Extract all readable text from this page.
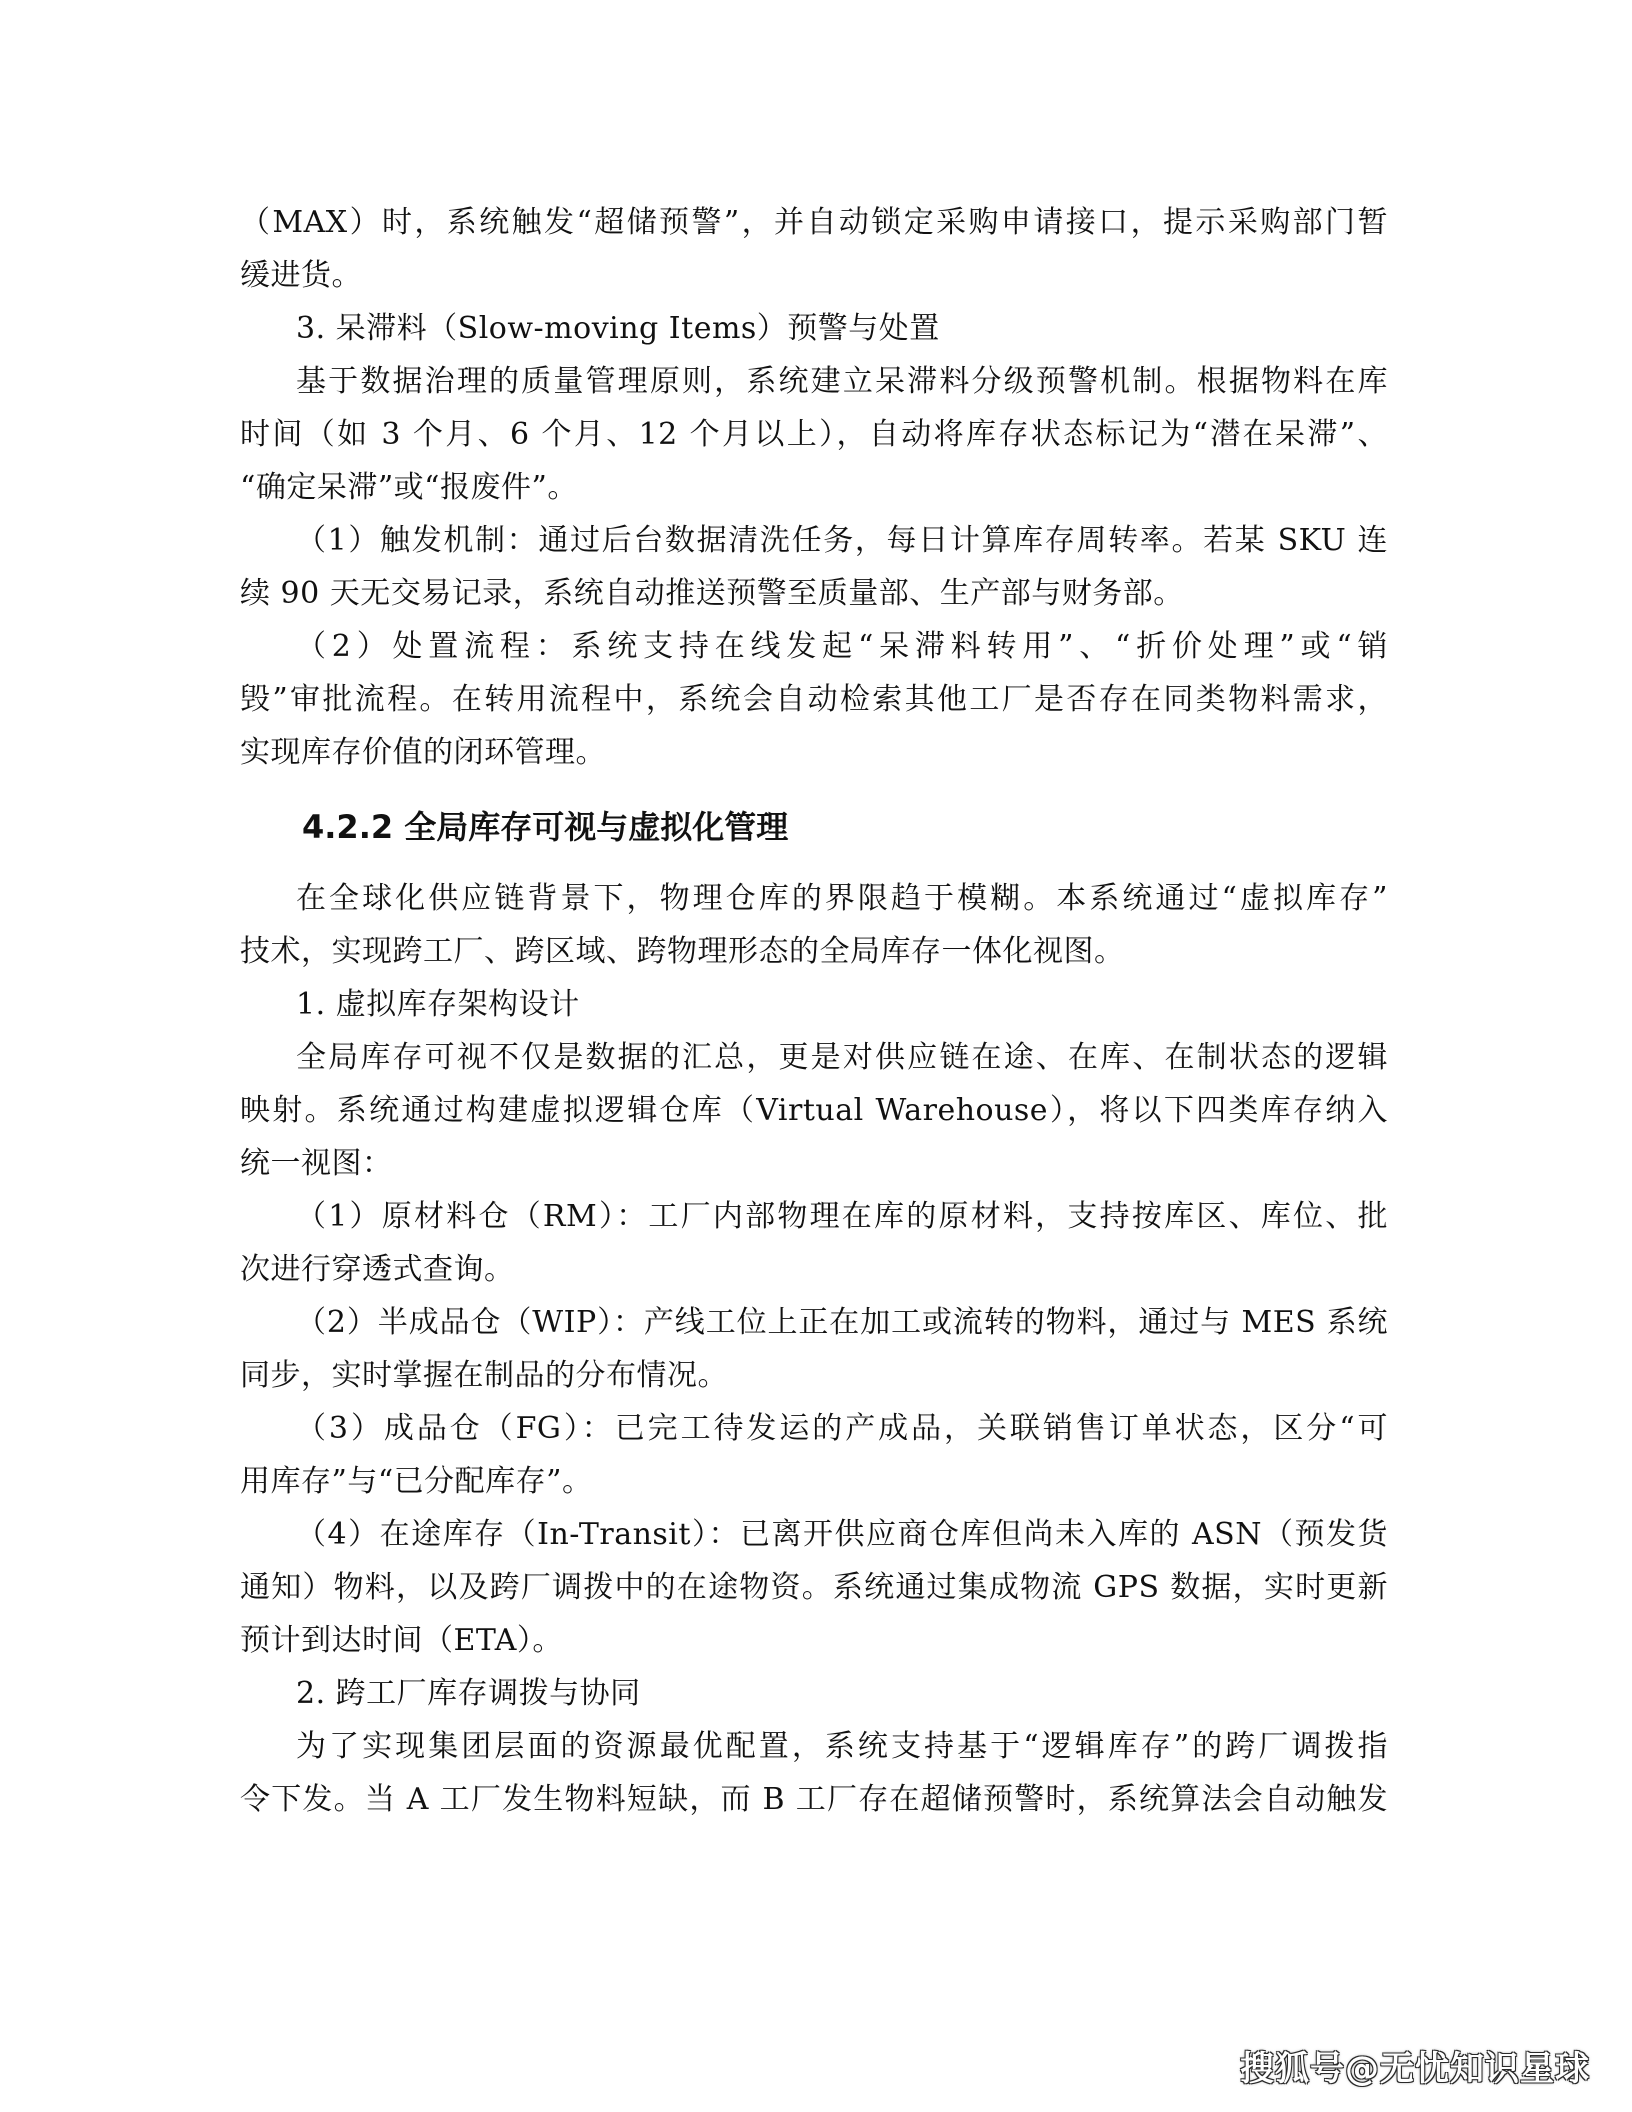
（MAX）时，系统触发“超储预警”，并自动锁定采购申请接口，提示采购部门暂
缓进货。
3. 呆滞料（Slow-moving Items）预警与处置
基于数据治理的质量管理原则，系统建立呆滞料分级预警机制。根据物料在库
时间（如 3 个月、6 个月、12 个月以上），自动将库存状态标记为“潜在呆滞”、
“确定呆滞”或“报废件”。
（1）触发机制：通过后台数据清洗任务，每日计算库存周转率。若某 SKU 连
续 90 天无交易记录，系统自动推送预警至质量部、生产部与财务部。
（2）处置流程：系统支持在线发起“呆滞料转用”、“折价处理”或“销
毁”审批流程。在转用流程中，系统会自动检索其他工厂是否存在同类物料需求，
实现库存价值的闭环管理。
4.2.2 全局库存可视与虚拟化管理
在全球化供应链背景下，物理仓库的界限趋于模糊。本系统通过“虚拟库存”
技术，实现跨工厂、跨区域、跨物理形态的全局库存一体化视图。
1. 虚拟库存架构设计
全局库存可视不仅是数据的汇总，更是对供应链在途、在库、在制状态的逻辑
映射。系统通过构建虚拟逻辑仓库（Virtual Warehouse），将以下四类库存纳入
统一视图：
（1）原材料仓（RM）：工厂内部物理在库的原材料，支持按库区、库位、批
次进行穿透式查询。
（2）半成品仓（WIP）：产线工位上正在加工或流转的物料，通过与 MES 系统
同步，实时掌握在制品的分布情况。
（3）成品仓（FG）：已完工待发运的产成品，关联销售订单状态，区分“可
用库存”与“已分配库存”。
（4）在途库存（In-Transit）：已离开供应商仓库但尚未入库的 ASN（预发货
通知）物料，以及跨厂调拨中的在途物资。系统通过集成物流 GPS 数据，实时更新
预计到达时间（ETA）。
2. 跨工厂库存调拨与协同
为了实现集团层面的资源最优配置，系统支持基于“逻辑库存”的跨厂调拨指
令下发。当 A 工厂发生物料短缺，而 B 工厂存在超储预警时，系统算法会自动触发
搜狐号@无忧知识星球
